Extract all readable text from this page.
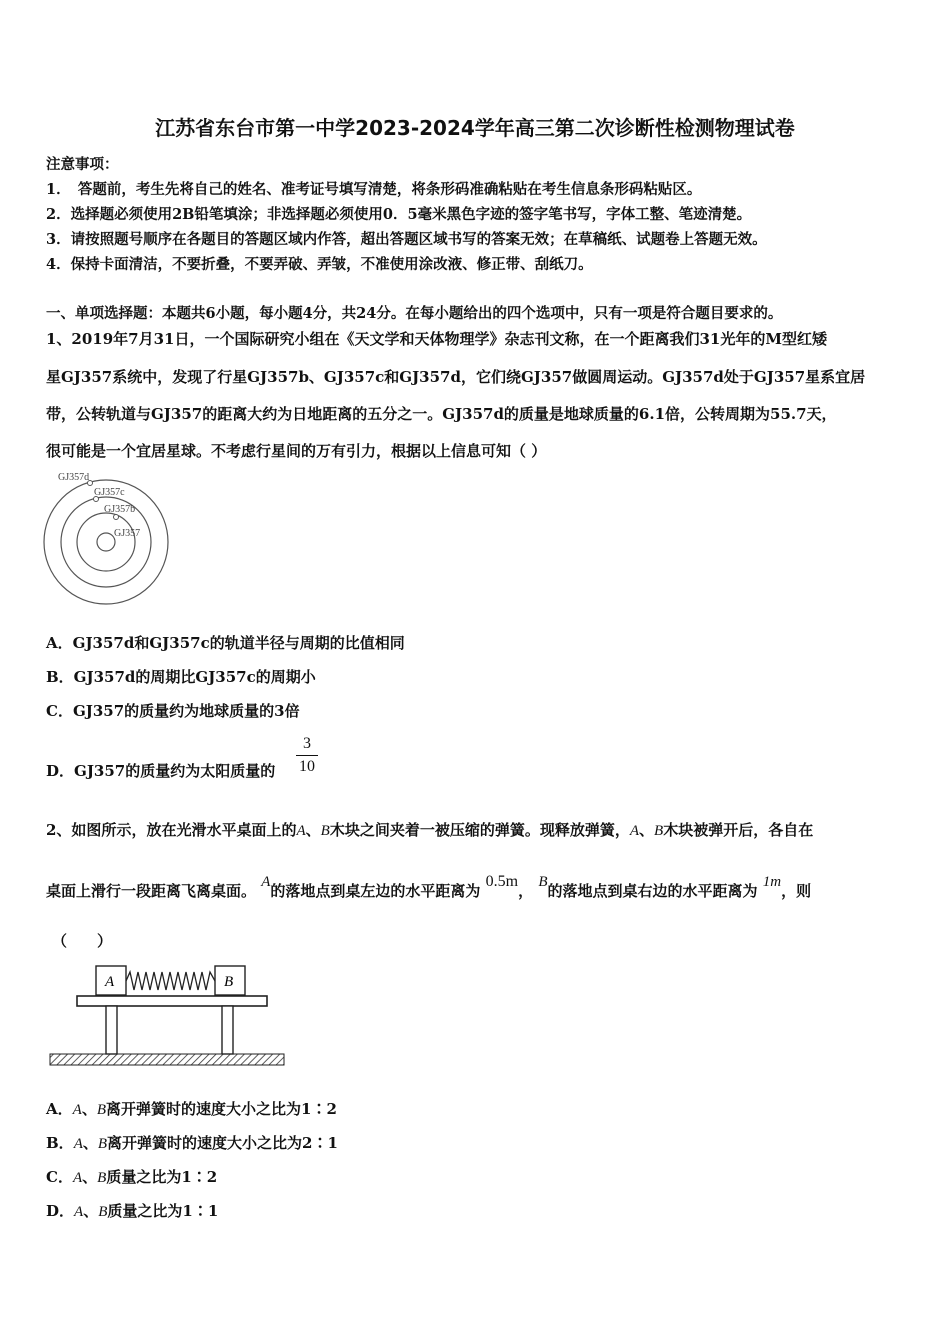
江苏省东台市第一中学2023-2024学年高三第二次诊断性检测物理试卷
注意事项：
1．　答题前，考生先将自己的姓名、准考证号填写清楚，将条形码准确粘贴在考生信息条形码粘贴区。
2．选择题必须使用2B铅笔填涂；非选择题必须使用0．5毫米黑色字迹的签字笔书写，字体工整、笔迹清楚。
3．请按照题号顺序在各题目的答题区域内作答，超出答题区域书写的答案无效；在草稿纸、试题卷上答题无效。
4．保持卡面清洁，不要折叠，不要弄破、弄皱，不准使用涂改液、修正带、刮纸刀。
一、单项选择题：本题共6小题，每小题4分，共24分。在每小题给出的四个选项中，只有一项是符合题目要求的。
1、2019年7月31日，一个国际研究小组在《天文学和天体物理学》杂志刊文称，在一个距离我们31光年的M型红矮
星GJ357系统中，发现了行星GJ357b、GJ357c和GJ357d，它们绕GJ357做圆周运动。GJ357d处于GJ357星系宜居
带，公转轨道与GJ357的距离大约为日地距离的五分之一。GJ357d的质量是地球质量的6.1倍，公转周期为55.7天，
很可能是一个宜居星球。不考虑行星间的万有引力，根据以上信息可知（ ）
GJ357d
GJ357c
GJ357b
GJ357
A．GJ357d和GJ357c的轨道半径与周期的比值相同
B．GJ357d的周期比GJ357c的周期小
C．GJ357的质量约为地球质量的3倍
D．GJ357的质量约为太阳质量的
3
10
2、如图所示，放在光滑水平桌面上的A、B木块之间夹着一被压缩的弹簧。现释放弹簧，A、B木块被弹开后，各自在
桌面上滑行一段距离飞离桌面。 A的落地点到桌左边的水平距离为 0.5m， B的落地点到桌右边的水平距离为 1m，则
（　　）
A	B
A．A、B离开弹簧时的速度大小之比为1∶2
B．A、B离开弹簧时的速度大小之比为2∶1
C．A、B质量之比为1∶2
D．A、B质量之比为1∶1
